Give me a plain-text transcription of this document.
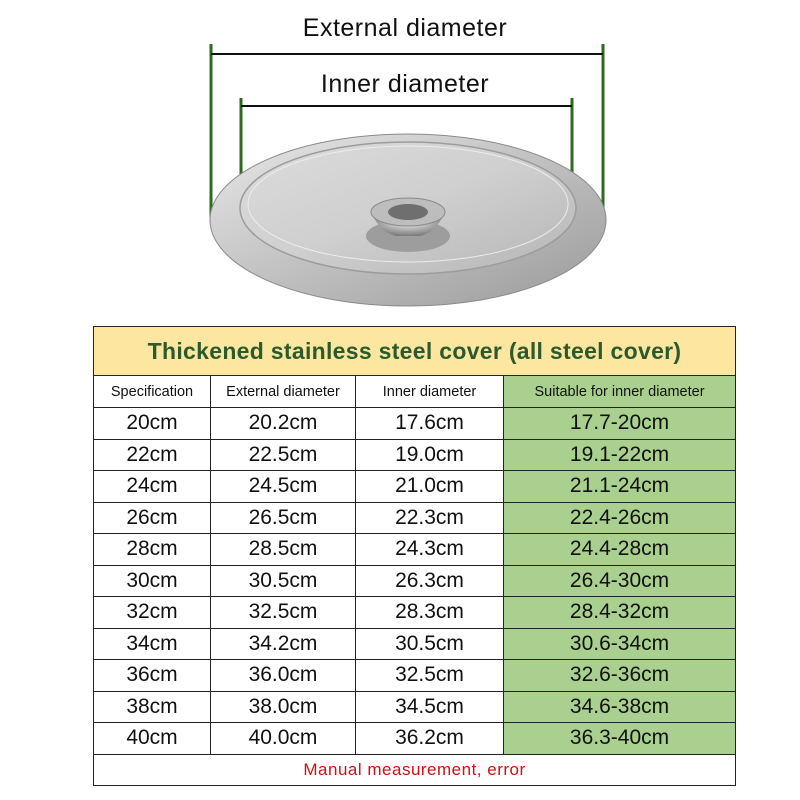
External diameter
Inner diameter
Thickened stainless steel cover (all steel cover)			
Specification	External diameter	Inner diameter	Suitable for inner diameter
20cm	20.2cm	17.6cm	17.7-20cm
22cm	22.5cm	19.0cm	19.1-22cm
24cm	24.5cm	21.0cm	21.1-24cm
26cm	26.5cm	22.3cm	22.4-26cm
28cm	28.5cm	24.3cm	24.4-28cm
30cm	30.5cm	26.3cm	26.4-30cm
32cm	32.5cm	28.3cm	28.4-32cm
34cm	34.2cm	30.5cm	30.6-34cm
36cm	36.0cm	32.5cm	32.6-36cm
38cm	38.0cm	34.5cm	34.6-38cm
40cm	40.0cm	36.2cm	36.3-40cm
Manual measurement, error			
